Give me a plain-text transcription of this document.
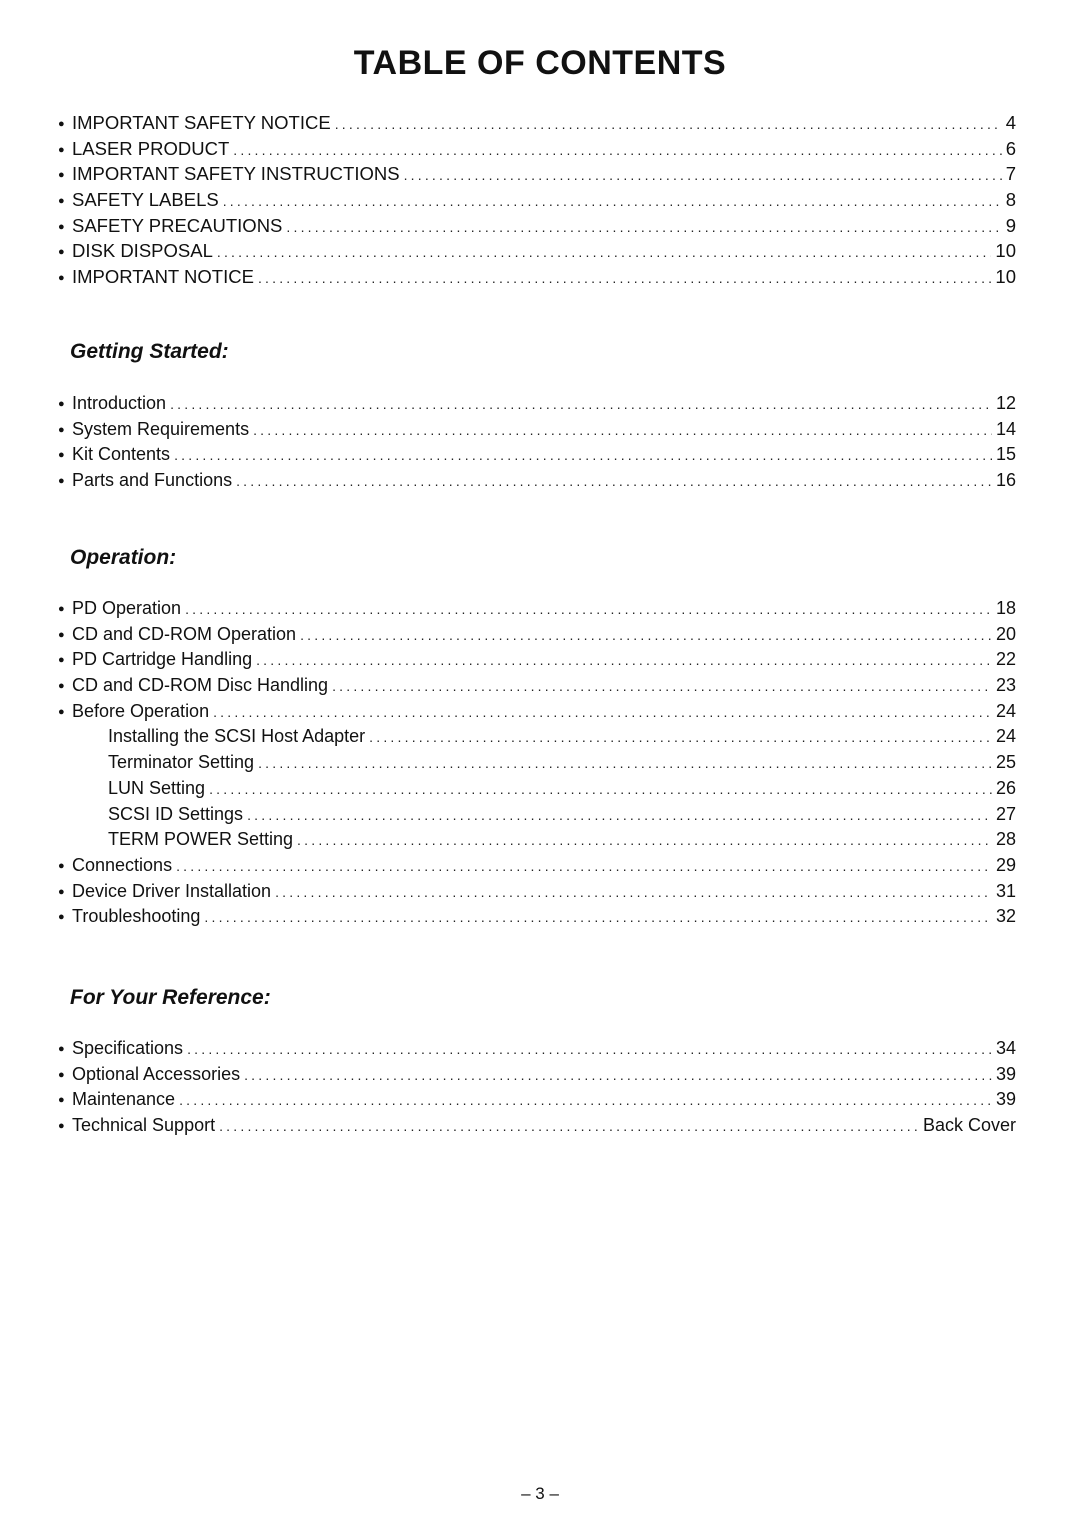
TABLE OF CONTENTS
● IMPORTANT SAFETY NOTICE .....	4
● LASER PRODUCT .....	6
● IMPORTANT SAFETY INSTRUCTIONS .....	7
● SAFETY LABELS .....	8
● SAFETY PRECAUTIONS .....	9
● DISK DISPOSAL .....	10
● IMPORTANT NOTICE .....	10
Getting Started:
● Introduction .....	12
● System Requirements .....	14
● Kit Contents .....	15
● Parts and Functions .....	16
Operation:
● PD Operation .....	18
● CD and CD-ROM Operation .....	20
● PD Cartridge Handling .....	22
● CD and CD-ROM Disc Handling .....	23
● Before Operation .....	24
Installing the SCSI Host Adapter .....	24
Terminator Setting .....	25
LUN Setting .....	26
SCSI ID Settings .....	27
TERM POWER Setting .....	28
● Connections .....	29
● Device Driver Installation .....	31
● Troubleshooting .....	32
For Your Reference:
● Specifications .....	34
● Optional Accessories .....	39
● Maintenance .....	39
● Technical Support .....	Back Cover
– 3 –
